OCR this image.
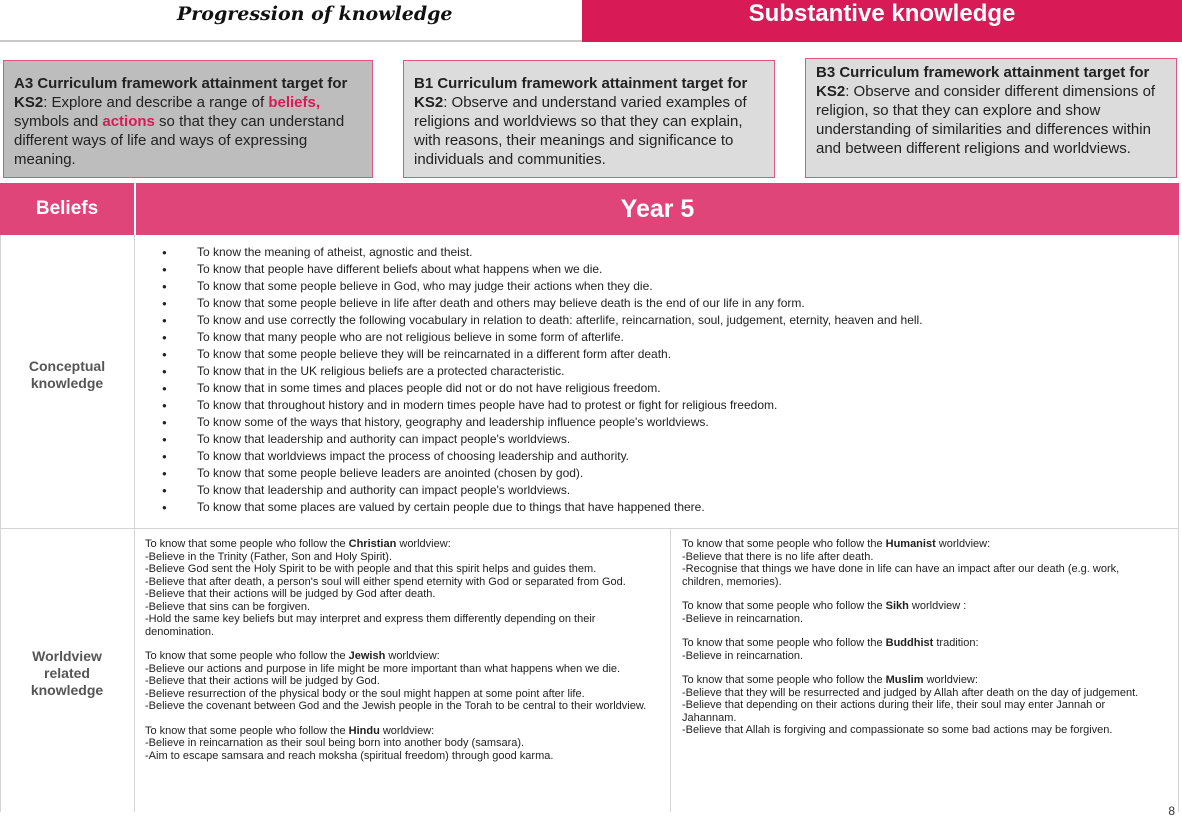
Progression of knowledge	Substantive knowledge
A3 Curriculum framework attainment target for KS2: Explore and describe a range of beliefs, symbols and actions so that they can understand different ways of life and ways of expressing meaning.
B1 Curriculum framework attainment target for KS2: Observe and understand varied examples of religions and worldviews so that they can explain, with reasons, their meanings and significance to individuals and communities.
B3 Curriculum framework attainment target for KS2: Observe and consider different dimensions of religion, so that they can explore and show understanding of similarities and differences within and between different religions and worldviews.
Beliefs	Year 5
Conceptual knowledge
Worldview related knowledge
● To know the meaning of atheist, agnostic and theist.
● To know that people have different beliefs about what happens when we die.
● To know that some people believe in God, who may judge their actions when they die.
● To know that some people believe in life after death and others may believe death is the end of our life in any form.
● To know and use correctly the following vocabulary in relation to death: afterlife, reincarnation, soul, judgement, eternity, heaven and hell.
● To know that many people who are not religious believe in some form of afterlife.
● To know that some people believe they will be reincarnated in a different form after death.
● To know that in the UK religious beliefs are a protected characteristic.
● To know that in some times and places people did not or do not have religious freedom.
● To know that throughout history and in modern times people have had to protest or fight for religious freedom.
● To know some of the ways that history, geography and leadership influence people's worldviews.
● To know that leadership and authority can impact people's worldviews.
● To know that worldviews impact the process of choosing leadership and authority.
● To know that some people believe leaders are anointed (chosen by god).
● To know that leadership and authority can impact people's worldviews.
● To know that some places are valued by certain people due to things that have happened there.

To know that some people who follow the Christian worldview:
-Believe in the Trinity (Father, Son and Holy Spirit).
-Believe God sent the Holy Spirit to be with people and that this spirit helps and guides them.
-Believe that after death, a person's soul will either spend eternity with God or separated from God.
-Believe that their actions will be judged by God after death.
-Believe that sins can be forgiven.
-Hold the same key beliefs but may interpret and express them differently depending on their denomination.

To know that some people who follow the Jewish worldview:
-Believe our actions and purpose in life might be more important than what happens when we die.
-Believe that their actions will be judged by God.
-Believe resurrection of the physical body or the soul might happen at some point after life.
-Believe the covenant between God and the Jewish people in the Torah to be central to their worldview.

To know that some people who follow the Hindu worldview:
-Believe in reincarnation as their soul being born into another body (samsara).
-Aim to escape samsara and reach moksha (spiritual freedom) through good karma.

To know that some people who follow the Humanist worldview:
-Believe that there is no life after death.
-Recognise that things we have done in life can have an impact after our death (e.g. work, children, memories).

To know that some people who follow the Sikh worldview :
-Believe in reincarnation.

To know that some people who follow the Buddhist tradition:
-Believe in reincarnation.

To know that some people who follow the Muslim worldview:
-Believe that they will be resurrected and judged by Allah after death on the day of judgement.
-Believe that depending on their actions during their life, their soul may enter Jannah or Jahannam.
-Believe that Allah is forgiving and compassionate so some bad actions may be forgiven.

8
